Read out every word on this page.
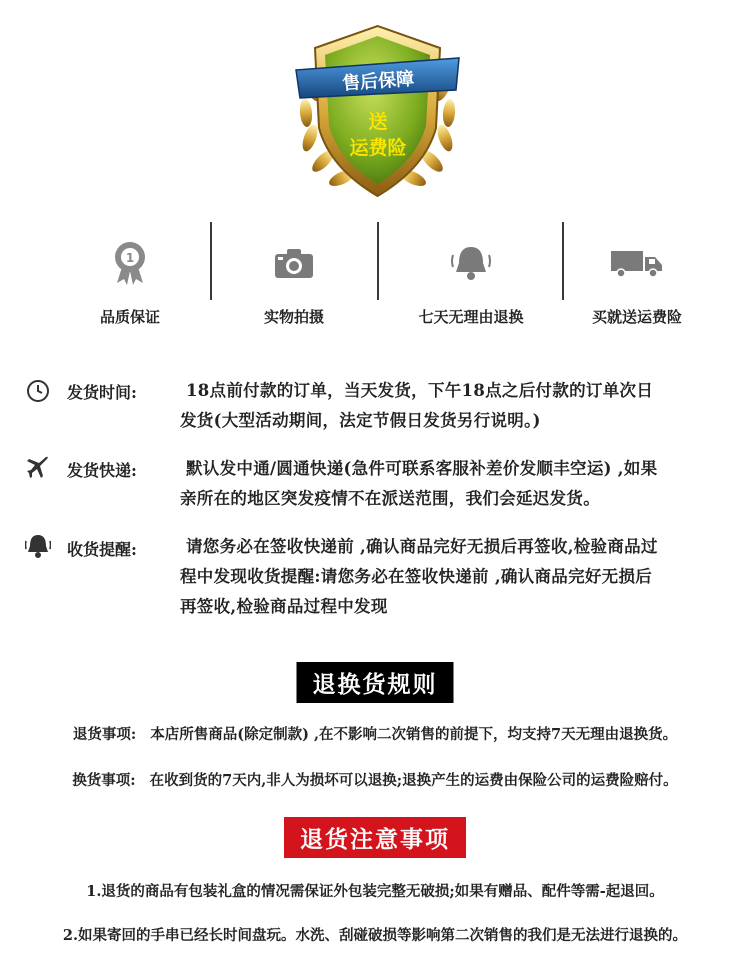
售后保障
送
运费险
1
品质保证	实物拍摄	七天无理由退换	买就送运费险
发货时间:	18点前付款的订单，当天发货，下午18点之后付款的订单次日
发货(大型活动期间，法定节假日发货另行说明。)
发货快递:	默认发中通/圆通快递(急件可联系客服补差价发顺丰空运) ,如果
亲所在的地区突发疫情不在派送范围，我们会延迟发货。
收货提醒:	请您务必在签收快递前 ,确认商品完好无损后再签收,检验商品过
程中发现收货提醒:请您务必在签收快递前 ,确认商品完好无损后
再签收,检验商品过程中发现
退换货规则
退货事项: 本店所售商品(除定制款) ,在不影响二次销售的前提下，均支持7天无理由退换货。
换货事项: 在收到货的7天内,非人为损坏可以退换;退换产生的运费由保险公司的运费险赔付。
退货注意事项
1.退货的商品有包装礼盒的情况需保证外包装完整无破损;如果有赠品、配件等需-起退回。
2.如果寄回的手串已经长时间盘玩。水洗、刮碰破损等影响第二次销售的我们是无法进行退换的。
